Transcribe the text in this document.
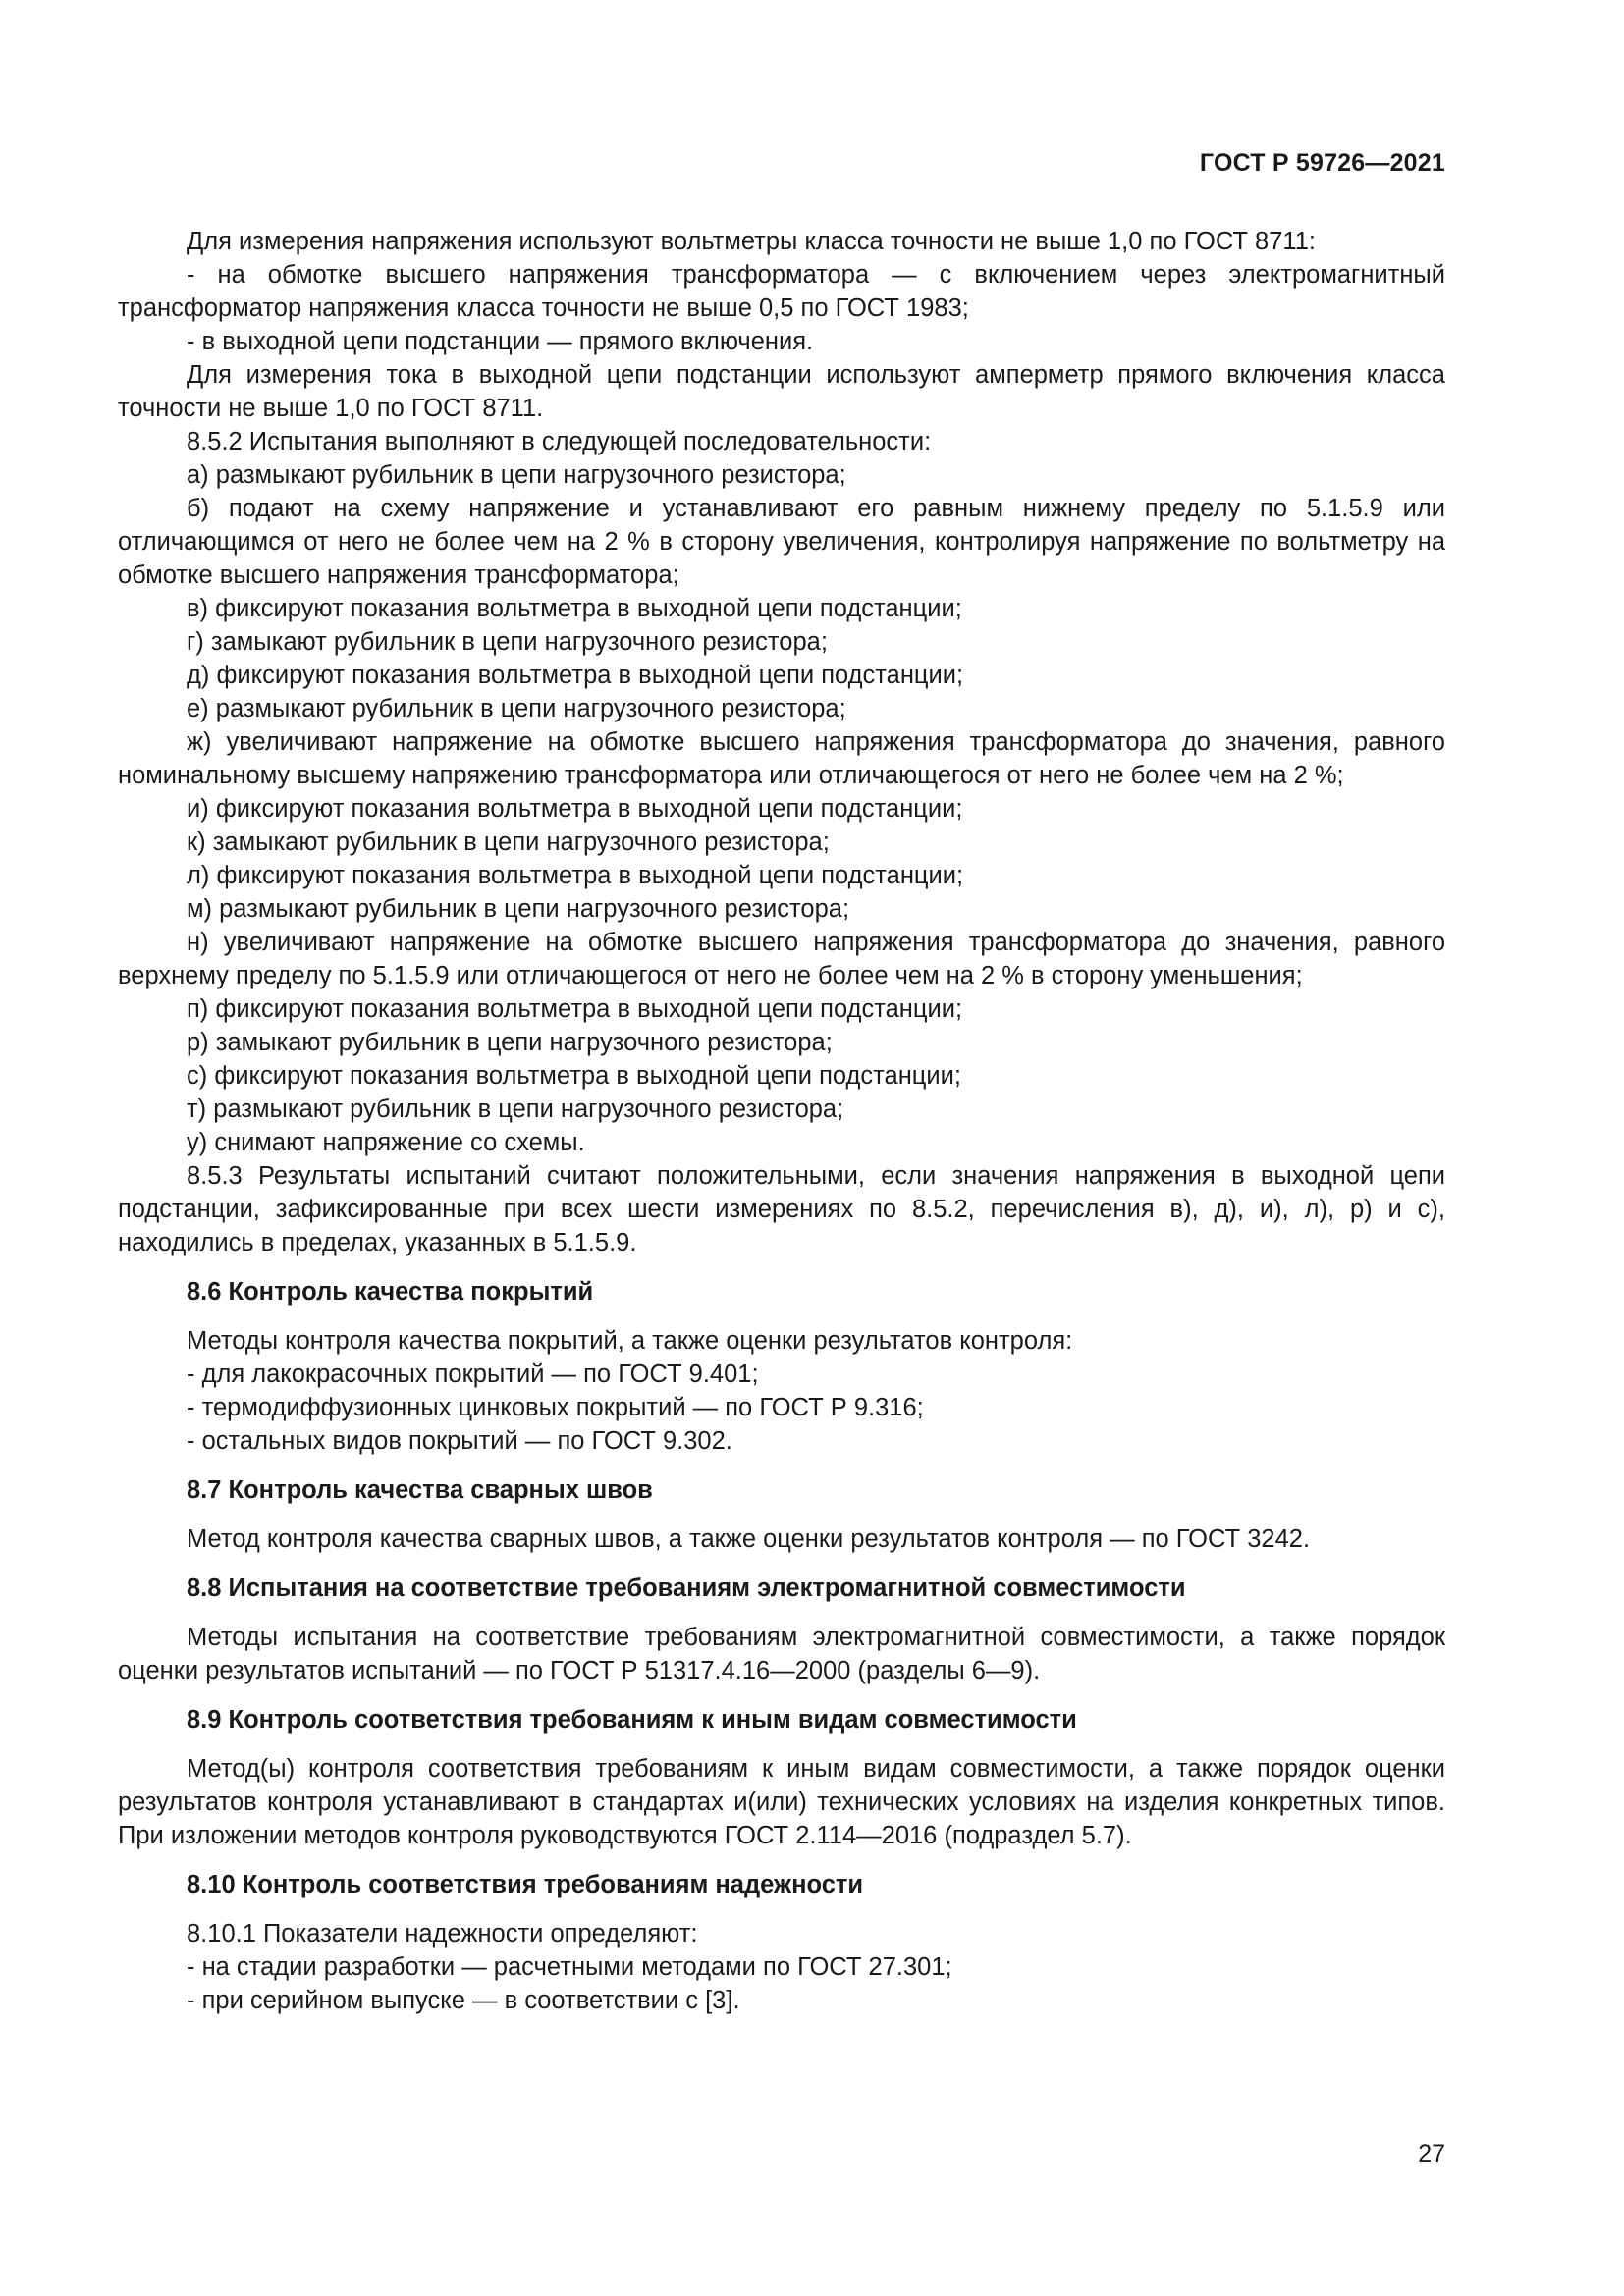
ГОСТ Р 59726—2021

Для измерения напряжения используют вольтметры класса точности не выше 1,0 по ГОСТ 8711:

- на обмотке высшего напряжения трансформатора — с включением через электромагнитный трансформатор напряжения класса точности не выше 0,5 по ГОСТ 1983;

- в выходной цепи подстанции — прямого включения.

Для измерения тока в выходной цепи подстанции используют амперметр прямого включения класса точности не выше 1,0 по ГОСТ 8711.

8.5.2 Испытания выполняют в следующей последовательности:

а) размыкают рубильник в цепи нагрузочного резистора;

б) подают на схему напряжение и устанавливают его равным нижнему пределу по 5.1.5.9 или отличающимся от него не более чем на 2 % в сторону увеличения, контролируя напряжение по вольтметру на обмотке высшего напряжения трансформатора;

в) фиксируют показания вольтметра в выходной цепи подстанции;

г) замыкают рубильник в цепи нагрузочного резистора;

д) фиксируют показания вольтметра в выходной цепи подстанции;

е) размыкают рубильник в цепи нагрузочного резистора;

ж) увеличивают напряжение на обмотке высшего напряжения трансформатора до значения, равного номинальному высшему напряжению трансформатора или отличающегося от него не более чем на 2 %;

и) фиксируют показания вольтметра в выходной цепи подстанции;

к) замыкают рубильник в цепи нагрузочного резистора;

л) фиксируют показания вольтметра в выходной цепи подстанции;

м) размыкают рубильник в цепи нагрузочного резистора;

н) увеличивают напряжение на обмотке высшего напряжения трансформатора до значения, равного верхнему пределу по 5.1.5.9 или отличающегося от него не более чем на 2 % в сторону уменьшения;

п) фиксируют показания вольтметра в выходной цепи подстанции;

р) замыкают рубильник в цепи нагрузочного резистора;

с) фиксируют показания вольтметра в выходной цепи подстанции;

т) размыкают рубильник в цепи нагрузочного резистора;

у) снимают напряжение со схемы.

8.5.3 Результаты испытаний считают положительными, если значения напряжения в выходной цепи подстанции, зафиксированные при всех шести измерениях по 8.5.2, перечисления в), д), и), л), р) и с), находились в пределах, указанных в 5.1.5.9.

8.6 Контроль качества покрытий

Методы контроля качества покрытий, а также оценки результатов контроля:

- для лакокрасочных покрытий — по ГОСТ 9.401;

- термодиффузионных цинковых покрытий — по ГОСТ Р 9.316;

- остальных видов покрытий — по ГОСТ 9.302.

8.7 Контроль качества сварных швов

Метод контроля качества сварных швов, а также оценки результатов контроля — по ГОСТ 3242.

8.8 Испытания на соответствие требованиям электромагнитной совместимости

Методы испытания на соответствие требованиям электромагнитной совместимости, а также порядок оценки результатов испытаний — по ГОСТ Р 51317.4.16—2000 (разделы 6—9).

8.9 Контроль соответствия требованиям к иным видам совместимости

Метод(ы) контроля соответствия требованиям к иным видам совместимости, а также порядок оценки результатов контроля устанавливают в стандартах и(или) технических условиях на изделия конкретных типов. При изложении методов контроля руководствуются ГОСТ 2.114—2016 (подраздел 5.7).

8.10 Контроль соответствия требованиям надежности

8.10.1 Показатели надежности определяют:

- на стадии разработки — расчетными методами по ГОСТ 27.301;

- при серийном выпуске — в соответствии с [3].

27
